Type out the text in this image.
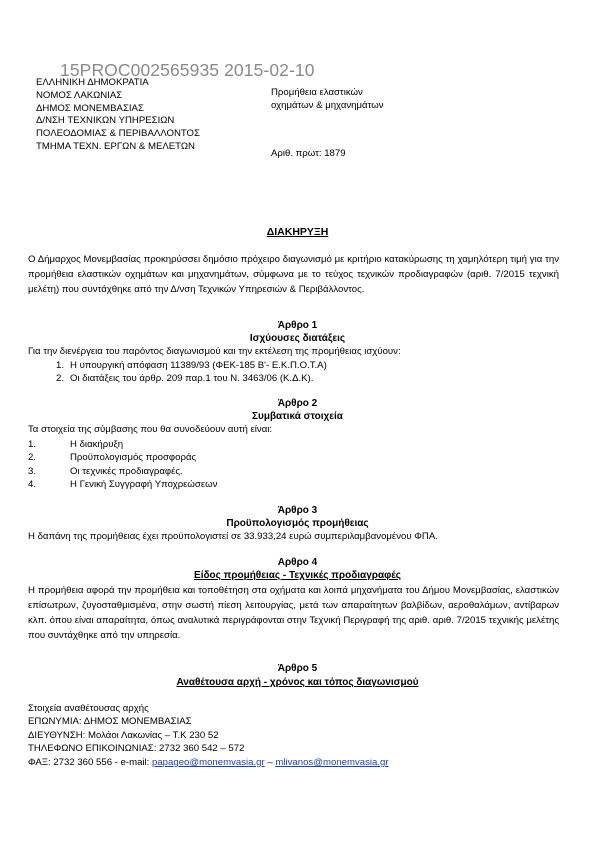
15PROC002565935 2015-02-10
ΕΛΛΗΝΙΚΗ ΔΗΜΟΚΡΑΤΙΑ
ΝΟΜΟΣ ΛΑΚΩΝΙΑΣ
ΔΗΜΟΣ ΜΟΝΕΜΒΑΣΙΑΣ
Δ/ΝΣΗ ΤΕΧΝΙΚΩΝ ΥΠΗΡΕΣΙΩΝ
ΠΟΛΕΟΔΟΜΙΑΣ & ΠΕΡΙΒΑΛΛΟΝΤΟΣ
ΤΜΗΜΑ ΤΕΧΝ. ΕΡΓΩΝ & ΜΕΛΕΤΩΝ
Προμήθεια ελαστικών
οχημάτων & μηχανημάτων
Αριθ. πρωτ: 1879
ΔΙΑΚΗΡΥΞΗ
Ο Δήμαρχος Μονεμβασίας προκηρύσσει δημόσιο πρόχειρο διαγωνισμό με κριτήριο κατακύρωσης τη χαμηλότερη τιμή για την προμήθεια ελαστικών οχημάτων και μηχανημάτων, σύμφωνα με το τεύχος τεχνικών προδιαγραφών (αριθ. 7/2015 τεχνική μελέτη) που συντάχθηκε από την Δ/νση Τεχνικών Υπηρεσιών & Περιβάλλοντος.
Άρθρο 1
Ισχύουσες διατάξεις
Για την διενέργεια του παρόντος διαγωνισμού και την εκτέλεση της προμήθειας ισχύουν:
1. Η υπουργική απόφαση 11389/93 (ΦΕΚ-185 Β'- Ε.Κ.Π.Ο.Τ.Α)
2. Οι διατάξεις του άρθρ. 209 παρ.1 του Ν. 3463/06 (Κ.Δ.Κ).
Άρθρο 2
Συμβατικά στοιχεία
Τα στοιχεία της σύμβασης που θα συνοδεύουν αυτή είναι:
1.	Η διακήρυξη
2.	Προϋπολογισμός προσφοράς
3.	Οι τεχνικές προδιαγραφές.
4.	Η Γενική Συγγραφή Υποχρεώσεων
Άρθρο 3
Προϋπολογισμός προμήθειας
Η δαπάνη της προμήθειας έχει προϋπολογιστεί σε 33.933,24 ευρώ συμπεριλαμβανομένου ΦΠΑ.
Αρθρο 4
Είδος προμήθειας - Τεχνικές προδιαγραφές
Η προμήθεια αφορά την προμήθεια και τοποθέτηση στα οχήματα και λοιπά μηχανήματα του Δήμου Μονεμβασίας, ελαστικών επίσωτρων, ζυγοσταθμισμένα, στην σωστή πίεση λειτουργίας, μετά των απαραίτητων βαλβίδων, αεροθαλάμων, αντίβαρων κλπ. όπου είναι απαραίτητα, όπως αναλυτικά περιγράφονται στην Τεχνική Περιγραφή της αριθ. αριθ. 7/2015 τεχνικής μελέτης που συντάχθηκε από την υπηρεσία.
Άρθρο 5
Αναθέτουσα αρχή - χρόνος και τόπος διαγωνισμού
Στοιχεία αναθέτουσας αρχής
ΕΠΩΝΥΜΙΑ: ΔΗΜΟΣ ΜΟΝΕΜΒΑΣΙΑΣ
ΔΙΕΥΘΥΝΣΗ: Μολάοι Λακωνίας – Τ.Κ 230 52
ΤΗΛΕΦΩΝΟ ΕΠΙΚΟΙΝΩΝΙΑΣ: 2732 360 542 – 572
ΦΑΞ: 2732 360 556 - e-mail: papageo@monemvasia.gr – mlivanos@monemvasia.gr
